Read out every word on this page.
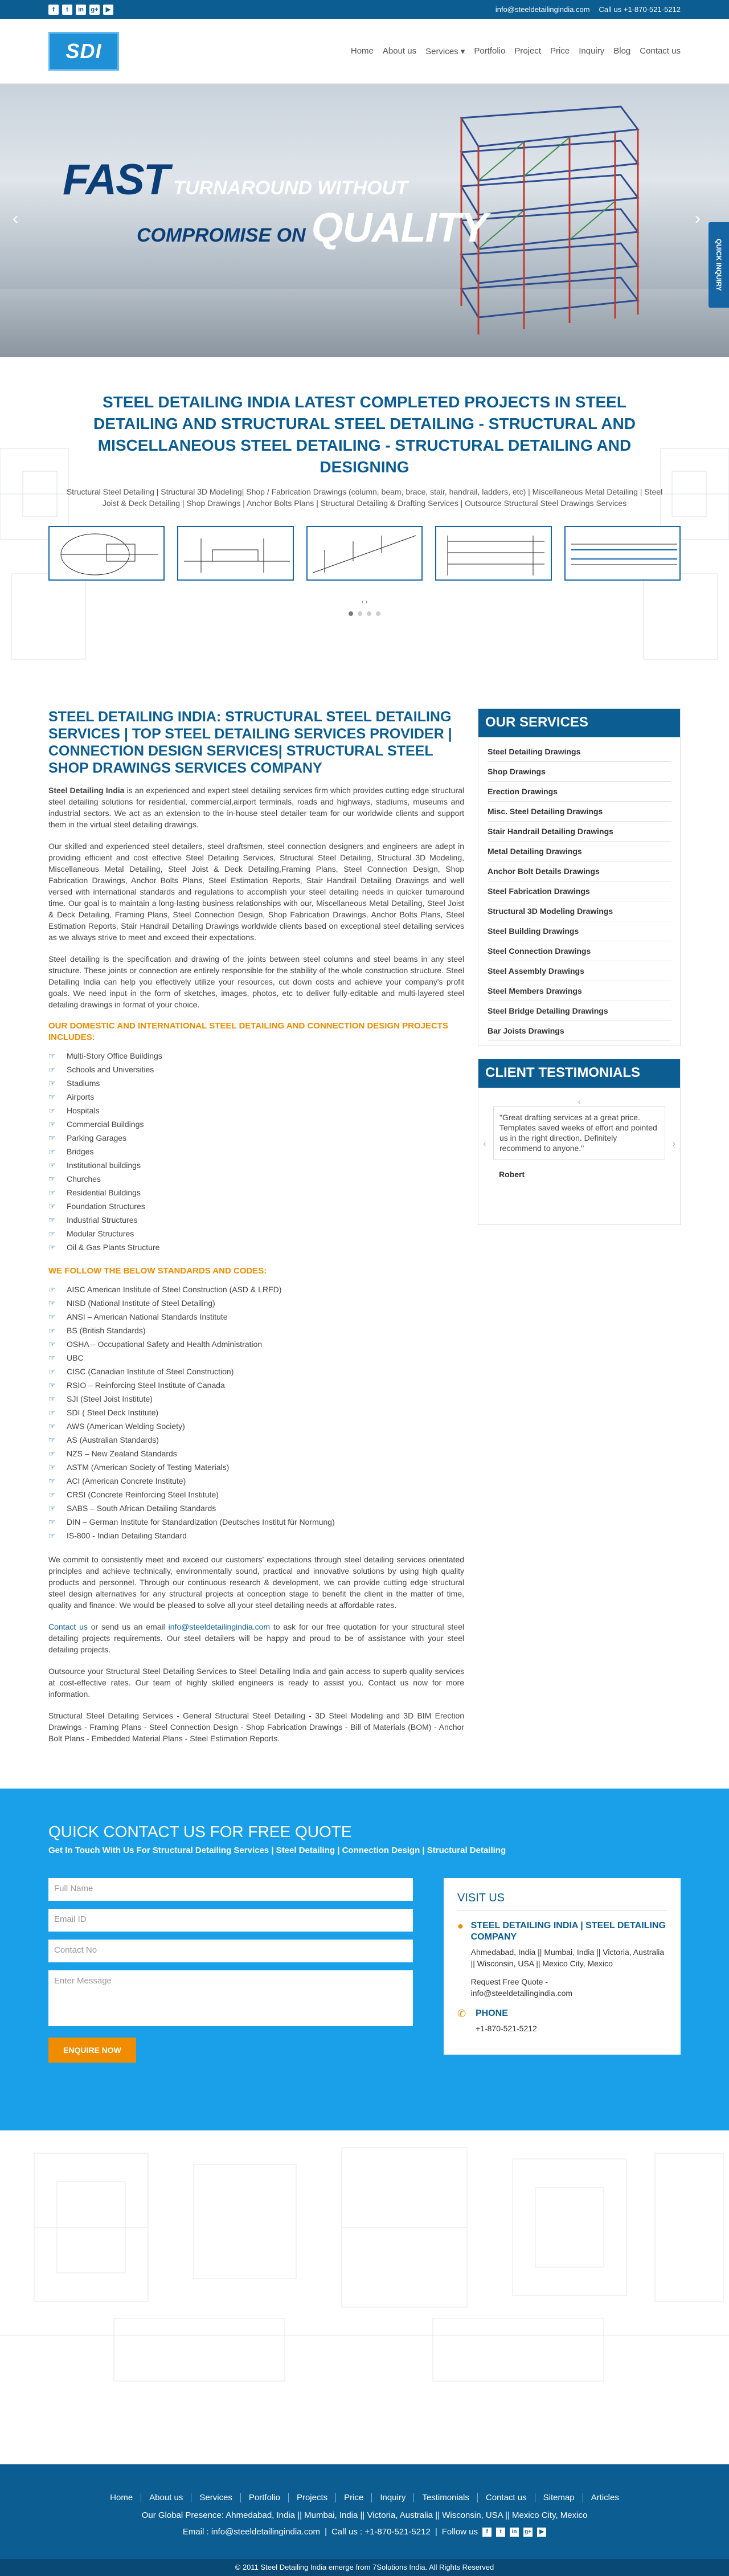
f	t	in	g+	▶	info@steeldetailingindia.com Call us +1-870-521-5212
SDI	Home About us Services ▾ Portfolio Project Price Inquiry Blog Contact us
FAST TURNAROUND WITHOUT
COMPROMISE ON QUALITY
‹	›
QUICK INQUIRY
STEEL DETAILING INDIA LATEST COMPLETED PROJECTS IN STEEL DETAILING AND STRUCTURAL STEEL DETAILING - STRUCTURAL AND MISCELLANEOUS STEEL DETAILING - STRUCTURAL DETAILING AND DESIGNING
Structural Steel Detailing | Structural 3D Modeling| Shop / Fabrication Drawings (column, beam, brace, stair, handrail, ladders, etc) | Miscellaneous Metal Detailing | Steel Joist & Deck Detailing | Shop Drawings | Anchor Bolts Plans | Structural Detailing & Drafting Services | Outsource Structural Steel Drawings Services
‹ ›
STEEL DETAILING INDIA: STRUCTURAL STEEL DETAILING SERVICES | TOP STEEL DETAILING SERVICES PROVIDER | CONNECTION DESIGN SERVICES| STRUCTURAL STEEL SHOP DRAWINGS SERVICES COMPANY

Steel Detailing India is an experienced and expert steel detailing services firm which provides cutting edge structural steel detailing solutions for residential, commercial,airport terminals, roads and highways, stadiums, museums and industrial sectors. We act as an extension to the in-house steel detailer team for our worldwide clients and support them in the virtual steel detailing drawings.

Our skilled and experienced steel detailers, steel draftsmen, steel connection designers and engineers are adept in providing efficient and cost effective Steel Detailing Services, Structural Steel Detailing, Structural 3D Modeling, Miscellaneous Metal Detailing, Steel Joist & Deck Detailing,Framing Plans, Steel Connection Design, Shop Fabrication Drawings, Anchor Bolts Plans, Steel Estimation Reports, Stair Handrail Detailing Drawings and well versed with international standards and regulations to accomplish your steel detailing needs in quicker turnaround time. Our goal is to maintain a long-lasting business relationships with our, Miscellaneous Metal Detailing, Steel Joist & Deck Detailing, Framing Plans, Steel Connection Design, Shop Fabrication Drawings, Anchor Bolts Plans, Steel Estimation Reports, Stair Handrail Detailing Drawings worldwide clients based on exceptional steel detailing services as we always strive to meet and exceed their expectations.

Steel detailing is the specification and drawing of the joints between steel columns and steel beams in any steel structure. These joints or connection are entirely responsible for the stability of the whole construction structure. Steel Detailing India can help you effectively utilize your resources, cut down costs and achieve your company's profit goals. We need input in the form of sketches, images, photos, etc to deliver fully-editable and multi-layered steel detailing drawings in format of your choice.

OUR DOMESTIC AND INTERNATIONAL STEEL DETAILING AND CONNECTION DESIGN PROJECTS INCLUDES:
☞	Multi-Story Office Buildings
☞	Schools and Universities
☞	Stadiums
☞	Airports
☞	Hospitals
☞	Commercial Buildings
☞	Parking Garages
☞	Bridges
☞	Institutional buildings
☞	Churches
☞	Residential Buildings
☞	Foundation Structures
☞	Industrial Structures
☞	Modular Structures
☞	Oil & Gas Plants Structure
WE FOLLOW THE BELOW STANDARDS AND CODES:
☞	AISC American Institute of Steel Construction (ASD & LRFD)
☞	NISD (National Institute of Steel Detailing)
☞	ANSI – American National Standards Institute
☞	BS (British Standards)
☞	OSHA – Occupational Safety and Health Administration
☞	UBC
☞	CISC (Canadian Institute of Steel Construction)
☞	RSIO – Reinforcing Steel Institute of Canada
☞	SJI (Steel Joist Institute)
☞	SDI ( Steel Deck Institute)
☞	AWS (American Welding Society)
☞	AS (Australian Standards)
☞	NZS – New Zealand Standards
☞	ASTM (American Society of Testing Materials)
☞	ACI (American Concrete Institute)
☞	CRSI (Concrete Reinforcing Steel Institute)
☞	SABS – South African Detailing Standards
☞	DIN – German Institute for Standardization (Deutsches Institut für Normung)
☞	IS-800 - Indian Detailing Standard

We commit to consistently meet and exceed our customers' expectations through steel detailing services orientated principles and achieve technically, environmentally sound, practical and innovative solutions by using high quality products and personnel. Through our continuous research & development, we can provide cutting edge structural steel design alternatives for any structural projects at conception stage to benefit the client in the matter of time, quality and finance. We would be pleased to solve all your steel detailing needs at affordable rates.

Contact us or send us an email info@steeldetailingindia.com to ask for our free quotation for your structural steel detailing projects requirements. Our steel detailers will be happy and proud to be of assistance with your steel detailing projects.

Outsource your Structural Steel Detailing Services to Steel Detailing India and gain access to superb quality services at cost-effective rates. Our team of highly skilled engineers is ready to assist you. Contact us now for more information.

Structural Steel Detailing Services - General Structural Steel Detailing - 3D Steel Modeling and 3D BIM Erection Drawings - Framing Plans - Steel Connection Design - Shop Fabrication Drawings - Bill of Materials (BOM) - Anchor Bolt Plans - Embedded Material Plans - Steel Estimation Reports.

OUR SERVICES
Steel Detailing Drawings
Shop Drawings
Erection Drawings
Misc. Steel Detailing Drawings
Stair Handrail Detailing Drawings
Metal Detailing Drawings
Anchor Bolt Details Drawings
Steel Fabrication Drawings
Structural 3D Modeling Drawings
Steel Building Drawings
Steel Connection Drawings
Steel Assembly Drawings
Steel Members Drawings
Steel Bridge Detailing Drawings
Bar Joists Drawings
CLIENT TESTIMONIALS
‹
"Great drafting services at a great price. Templates saved weeks of effort and pointed us in the right direction. Definitely recommend to anyone."
Robert
‹	›
QUICK CONTACT US FOR FREE QUOTE
Get In Touch With Us For Structural Detailing Services | Steel Detailing | Connection Design | Structural Detailing
Full Name
Email ID
Contact No
Enter Message
ENQUIRE NOW
VISIT US
● STEEL DETAILING INDIA | STEEL DETAILING COMPANY
Ahmedabad, India || Mumbai, India || Victoria, Australia || Wisconsin, USA || Mexico City, Mexico
Request Free Quote -
info@steeldetailingindia.com
✆	PHONE
+1-870-521-5212
Home	About us	Services	Portfolio	Projects	Price	Inquiry	Testimonials	Contact us	Sitemap	Articles
Our Global Presence: Ahmedabad, India || Mumbai, India || Victoria, Australia || Wisconsin, USA || Mexico City, Mexico
Email : info@steeldetailingindia.com | Call us : +1-870-521-5212 | Follow us	f	t	in	g+	▶
© 2011 Steel Detailing India emerge from 7Solutions India. All Rights Reserved
